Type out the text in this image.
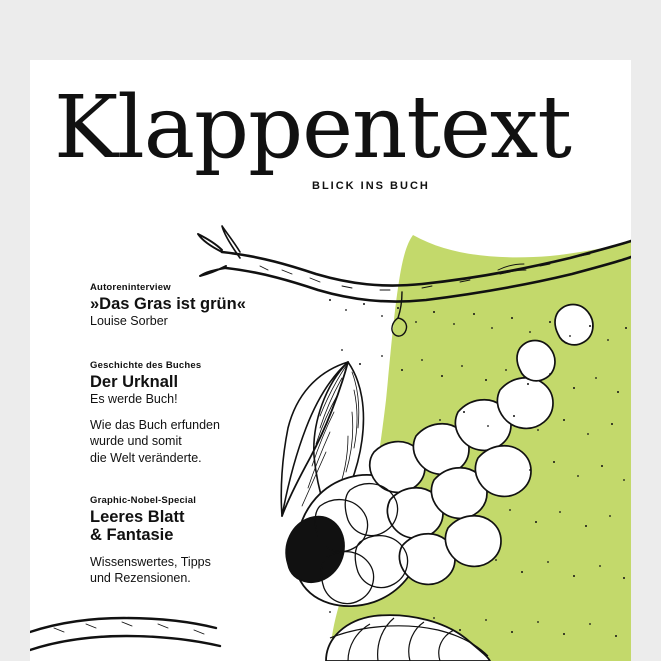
Klappentext
BLICK INS BUCH
Autoreninterview
»Das Gras ist grün«
Louise Sorber
Geschichte des Buches
Der Urknall
Es werde Buch!
Wie das Buch erfunden
wurde und somit
die Welt veränderte.
Graphic-Nobel-Special
Leeres Blatt
& Fantasie
Wissenswertes, Tipps
und Rezensionen.
